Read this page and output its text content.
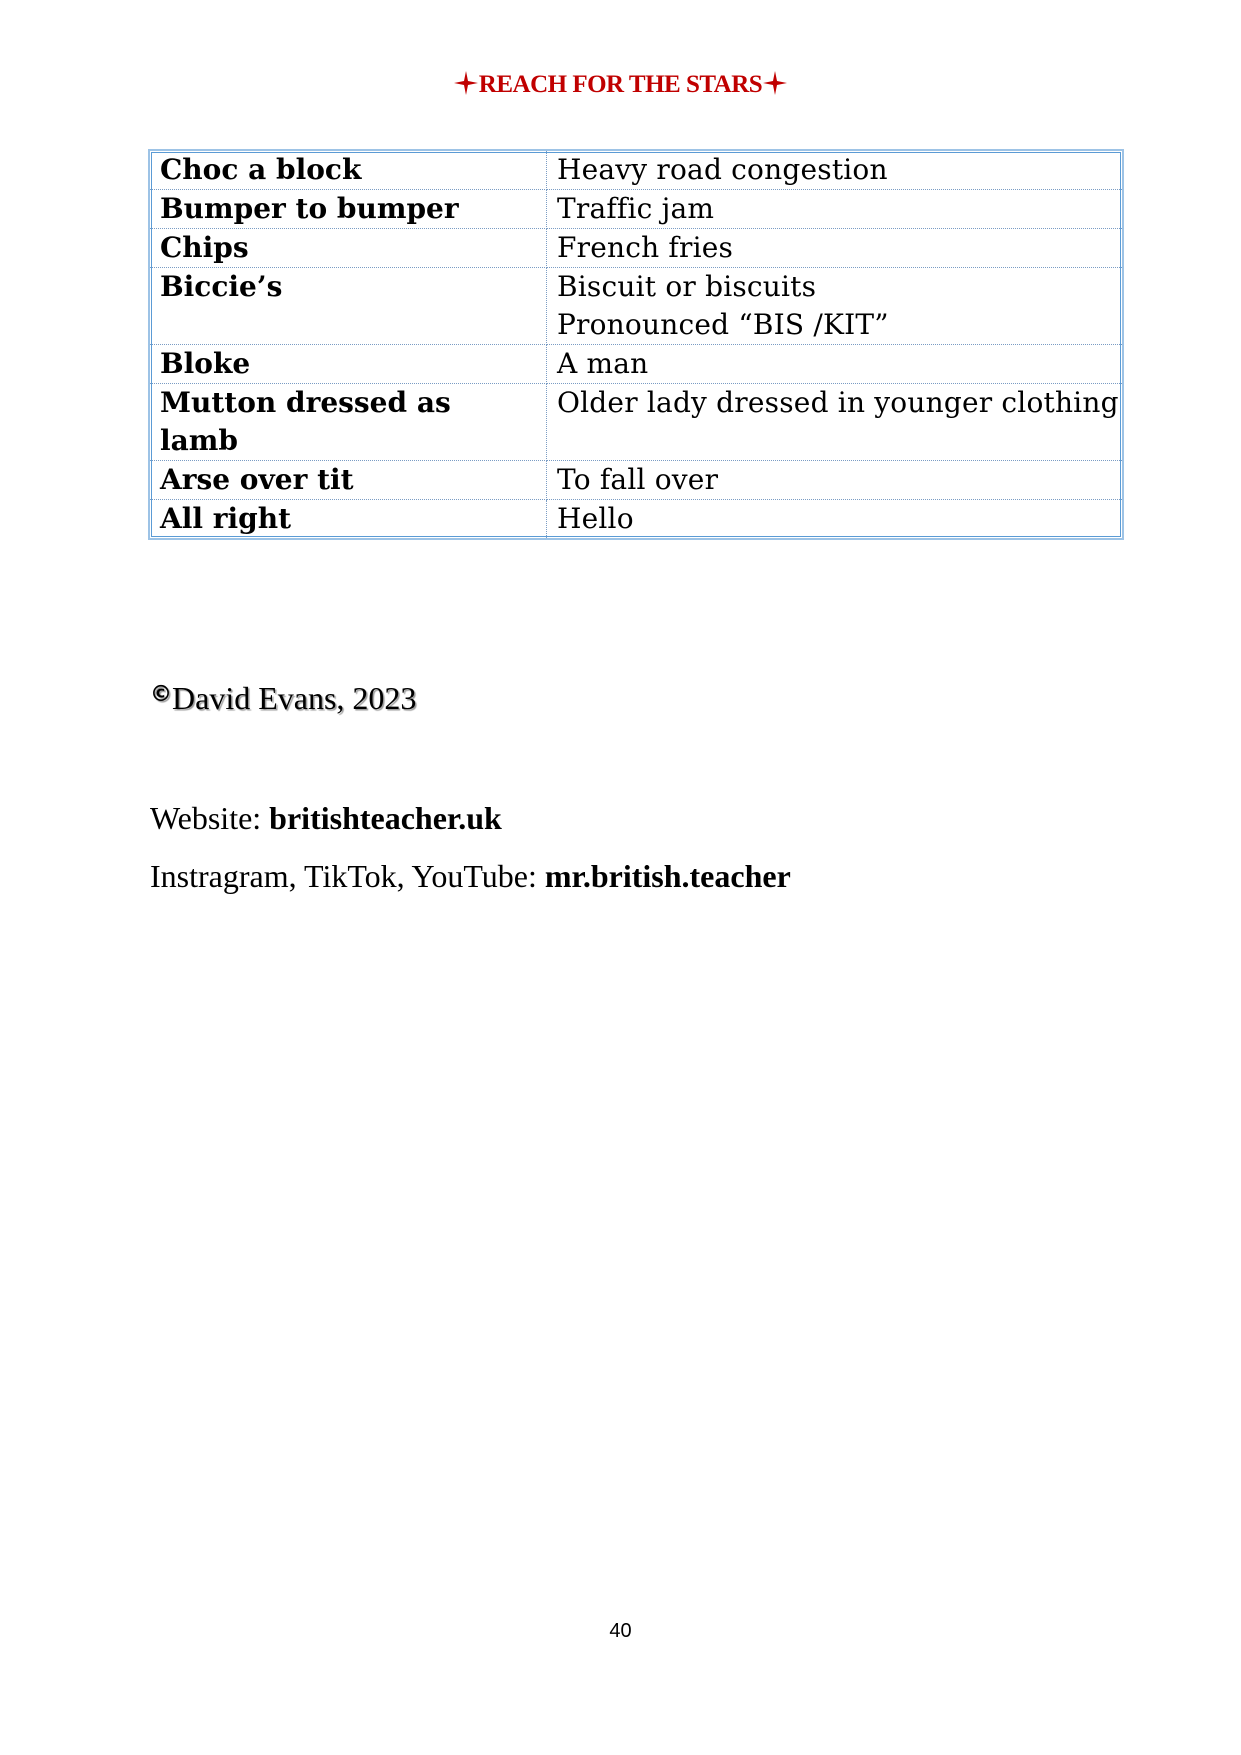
REACH FOR THE STARS
Choc a block	Heavy road congestion

Bumper to bumper	Traffic jam

Chips	French fries

Biccie’s	Biscuit or biscuits
Pronounced “BIS /KIT”

Bloke	A man

Mutton dressed as lamb	Older lady dressed in younger clothing

Arse over tit	To fall over

All right	Hello
©David Evans, 2023
Website: britishteacher.uk
Instragram, TikTok, YouTube: mr.british.teacher
40
